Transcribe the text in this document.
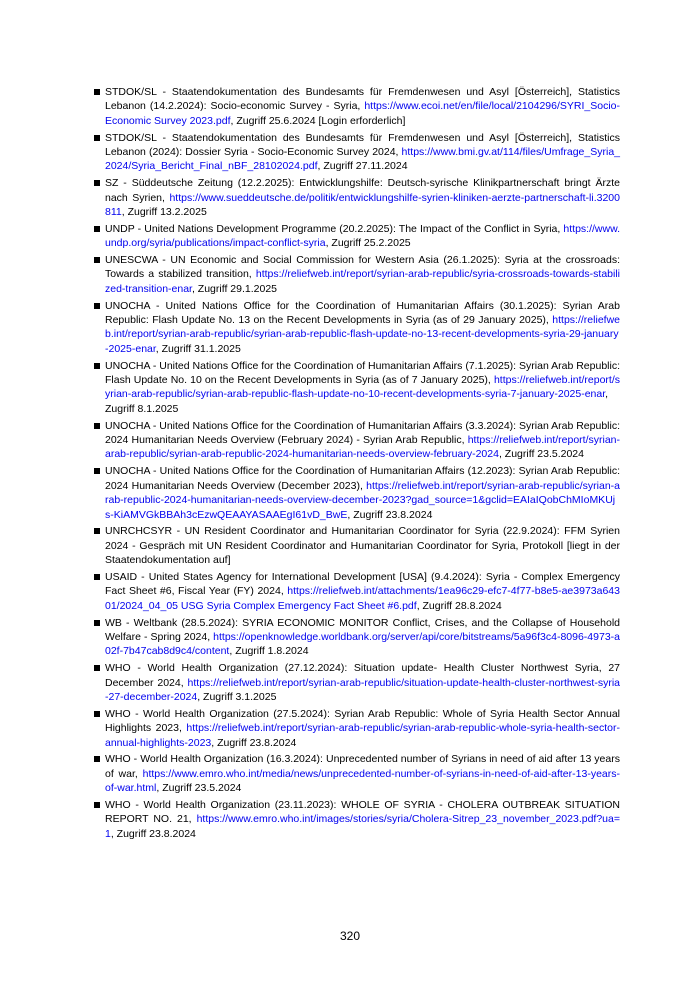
STDOK/SL - Staatendokumentation des Bundesamts für Fremdenwesen und Asyl [Österreich], Statistics Lebanon (14.2.2024): Socio-economic Survey - Syria, https://www.ecoi.net/en/file/local/2104296/SYRI_Socio-Economic Survey 2023.pdf, Zugriff 25.6.2024 [Login erforderlich]
STDOK/SL - Staatendokumentation des Bundesamts für Fremdenwesen und Asyl [Österreich], Statistics Lebanon (2024): Dossier Syria - Socio-Economic Survey 2024, https://www.bmi.gv.at/114/files/Umfrage_Syria_2024/Syria_Bericht_Final_nBF_28102024.pdf, Zugriff 27.11.2024
SZ - Süddeutsche Zeitung (12.2.2025): Entwicklungshilfe: Deutsch-syrische Klinikpartnerschaft bringt Ärzte nach Syrien, https://www.sueddeutsche.de/politik/entwicklungshilfe-syrien-kliniken-aerzte-partnerschaft-li.3200811, Zugriff 13.2.2025
UNDP - United Nations Development Programme (20.2.2025): The Impact of the Conflict in Syria, https://www.undp.org/syria/publications/impact-conflict-syria, Zugriff 25.2.2025
UNESCWA - UN Economic and Social Commission for Western Asia (26.1.2025): Syria at the crossroads: Towards a stabilized transition, https://reliefweb.int/report/syrian-arab-republic/syria-crossroads-towards-stabilized-transition-enar, Zugriff 29.1.2025
UNOCHA - United Nations Office for the Coordination of Humanitarian Affairs (30.1.2025): Syrian Arab Republic: Flash Update No. 13 on the Recent Developments in Syria (as of 29 January 2025), https://reliefweb.int/report/syrian-arab-republic/syrian-arab-republic-flash-update-no-13-recent-developments-syria-29-january-2025-enar, Zugriff 31.1.2025
UNOCHA - United Nations Office for the Coordination of Humanitarian Affairs (7.1.2025): Syrian Arab Republic: Flash Update No. 10 on the Recent Developments in Syria (as of 7 January 2025), https://reliefweb.int/report/syrian-arab-republic/syrian-arab-republic-flash-update-no-10-recent-developments-syria-7-january-2025-enar, Zugriff 8.1.2025
UNOCHA - United Nations Office for the Coordination of Humanitarian Affairs (3.3.2024): Syrian Arab Republic: 2024 Humanitarian Needs Overview (February 2024) - Syrian Arab Republic, https://reliefweb.int/report/syrian-arab-republic/syrian-arab-republic-2024-humanitarian-needs-overview-february-2024, Zugriff 23.5.2024
UNOCHA - United Nations Office for the Coordination of Humanitarian Affairs (12.2023): Syrian Arab Republic: 2024 Humanitarian Needs Overview (December 2023), https://reliefweb.int/report/syrian-arab-republic/syrian-arab-republic-2024-humanitarian-needs-overview-december-2023?gad_source=1&gclid=EAIaIQobChMIoMKUjs-KiAMVGkBBAh3cEzwQEAAYASAAEgI61vD_BwE, Zugriff 23.8.2024
UNRCHCSYR - UN Resident Coordinator and Humanitarian Coordinator for Syria (22.9.2024): FFM Syrien 2024 - Gespräch mit UN Resident Coordinator and Humanitarian Coordinator for Syria, Protokoll [liegt in der Staatendokumentation auf]
USAID - United States Agency for International Development [USA] (9.4.2024): Syria - Complex Emergency Fact Sheet #6, Fiscal Year (FY) 2024, https://reliefweb.int/attachments/1ea96c29-efc7-4f77-b8e5-ae3973a64301/2024_04_05 USG Syria Complex Emergency Fact Sheet #6.pdf, Zugriff 28.8.2024
WB - Weltbank (28.5.2024): SYRIA ECONOMIC MONITOR Conflict, Crises, and the Collapse of Household Welfare - Spring 2024, https://openknowledge.worldbank.org/server/api/core/bitstreams/5a96f3c4-8096-4973-a02f-7b47cab8d9c4/content, Zugriff 1.8.2024
WHO - World Health Organization (27.12.2024): Situation update- Health Cluster Northwest Syria, 27 December 2024, https://reliefweb.int/report/syrian-arab-republic/situation-update-health-cluster-northwest-syria-27-december-2024, Zugriff 3.1.2025
WHO - World Health Organization (27.5.2024): Syrian Arab Republic: Whole of Syria Health Sector Annual Highlights 2023, https://reliefweb.int/report/syrian-arab-republic/syrian-arab-republic-whole-syria-health-sector-annual-highlights-2023, Zugriff 23.8.2024
WHO - World Health Organization (16.3.2024): Unprecedented number of Syrians in need of aid after 13 years of war, https://www.emro.who.int/media/news/unprecedented-number-of-syrians-in-need-of-aid-after-13-years-of-war.html, Zugriff 23.5.2024
WHO - World Health Organization (23.11.2023): WHOLE OF SYRIA - CHOLERA OUTBREAK SITUATION REPORT NO. 21, https://www.emro.who.int/images/stories/syria/Cholera-Sitrep_23_november_2023.pdf?ua=1, Zugriff 23.8.2024
320
